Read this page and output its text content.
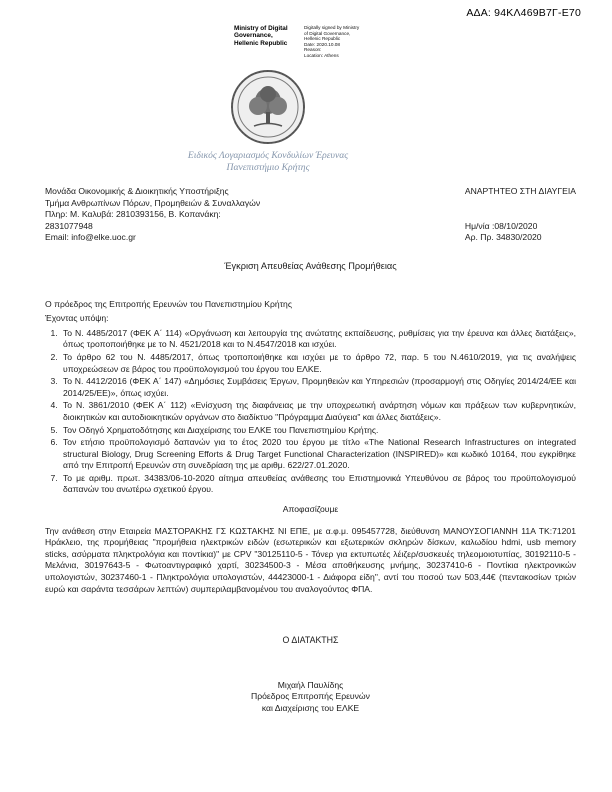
ΑΔΑ: 94ΚΛ469Β7Γ-Ε70
Ministry of Digital
Governance,
Hellenic Republic
Digitally signed by Ministry
of Digital Governance,
Hellenic Republic
Date: 2020.10.08
Reason:
Location: Athens
Ειδικός Λογαριασμός Κονδυλίων Έρευνας
Πανεπιστήμιο Κρήτης
Μονάδα Οικονομικής & Διοικητικής Υποστήριξης
Τμήμα Ανθρωπίνων Πόρων, Προμηθειών & Συναλλαγών
Πληρ: Μ. Καλυβά: 2810393156, Β. Κοπανάκη:
2831077948
Email: info@elke.uoc.gr
ΑΝΑΡΤΗΤΕΟ ΣΤΗ ΔΙΑΥΓΕΙΑ
Ημ/νία :08/10/2020
Αρ. Πρ. 34830/2020
Έγκριση Απευθείας Ανάθεσης Προμήθειας
Ο πρόεδρος της Επιτροπής Ερευνών του Πανεπιστημίου Κρήτης
Έχοντας υπόψη:
1. Το Ν. 4485/2017 (ΦΕΚ Α΄ 114) «Οργάνωση και λειτουργία της ανώτατης εκπαίδευσης, ρυθμίσεις για την έρευνα και άλλες διατάξεις», όπως τροποποιήθηκε με το Ν. 4521/2018 και το Ν.4547/2018 και ισχύει.
2. Το άρθρο 62 του Ν. 4485/2017, όπως τροποποιήθηκε και ισχύει με το άρθρο 72, παρ. 5 του Ν.4610/2019, για τις αναλήψεις υποχρεώσεων σε βάρος του προϋπολογισμού του έργου του ΕΛΚΕ.
3. Το Ν. 4412/2016 (ΦΕΚ Α΄ 147) «Δημόσιες Συμβάσεις Έργων, Προμηθειών και Υπηρεσιών (προσαρμογή στις Οδηγίες 2014/24/ΕΕ και 2014/25/ΕΕ)», όπως ισχύει.
4. Το Ν. 3861/2010 (ΦΕΚ Α΄ 112) «Ενίσχυση της διαφάνειας με την υποχρεωτική ανάρτηση νόμων και πράξεων των κυβερνητικών, διοικητικών και αυτοδιοικητικών οργάνων στο διαδίκτυο "Πρόγραμμα Διαύγεια" και άλλες διατάξεις».
5. Τον Οδηγό Χρηματοδότησης και Διαχείρισης του ΕΛΚΕ του Πανεπιστημίου Κρήτης.
6. Τον ετήσιο προϋπολογισμό δαπανών για το έτος 2020 του έργου με τίτλο «The National Research Infrastructures on integrated structural Biology, Drug Screening Efforts & Drug Target Functional Characterization (INSPIRED)» και κωδικό 10164, που εγκρίθηκε από την Επιτροπή Ερευνών στη συνεδρίαση της με αριθμ. 622/27.01.2020.
7. Το με αριθμ. πρωτ. 34383/06-10-2020 αίτημα απευθείας ανάθεσης του Επιστημονικά Υπευθύνου σε βάρος του προϋπολογισμού δαπανών του ανωτέρω σχετικού έργου.
Αποφασίζουμε
Την ανάθεση στην Εταιρεία ΜΑΣΤΟΡΑΚΗΣ ΓΣ ΚΩΣΤΑΚΗΣ ΝΙ ΕΠΕ, με α.φ.μ. 095457728, διεύθυνση ΜΑΝΟΥΣΟΓΙΑΝΝΗ 11Α ΤΚ:71201 Ηράκλειο, της προμήθειας "προμήθεια ηλεκτρικών ειδών (εσωτερικών και εξωτερικών σκληρών δίσκων, καλωδίου hdmi, usb memory sticks, ασύρματα πληκτρολόγια και ποντίκια)" με CPV "30125110-5 - Τόνερ για εκτυπωτές λέιζερ/συσκευές τηλεομοιοτυπίας, 30192110-5 - Μελάνια, 30197643-5 - Φωτοαντιγραφικό χαρτί, 30234500-3 - Μέσα αποθήκευσης μνήμης, 30237410-6 - Ποντίκια ηλεκτρονικών υπολογιστών, 30237460-1 - Πληκτρολόγια υπολογιστών, 44423000-1 - Διάφορα είδη", αντί του ποσού των 503,44€ (πεντακοσίων τριών ευρώ και σαράντα τεσσάρων λεπτών) συμπεριλαμβανομένου του αναλογούντος ΦΠΑ.
Ο ΔΙΑΤΑΚΤΗΣ
Μιχαήλ Παυλίδης
Πρόεδρος Επιτροπής Ερευνών
και Διαχείρισης του ΕΛΚΕ
